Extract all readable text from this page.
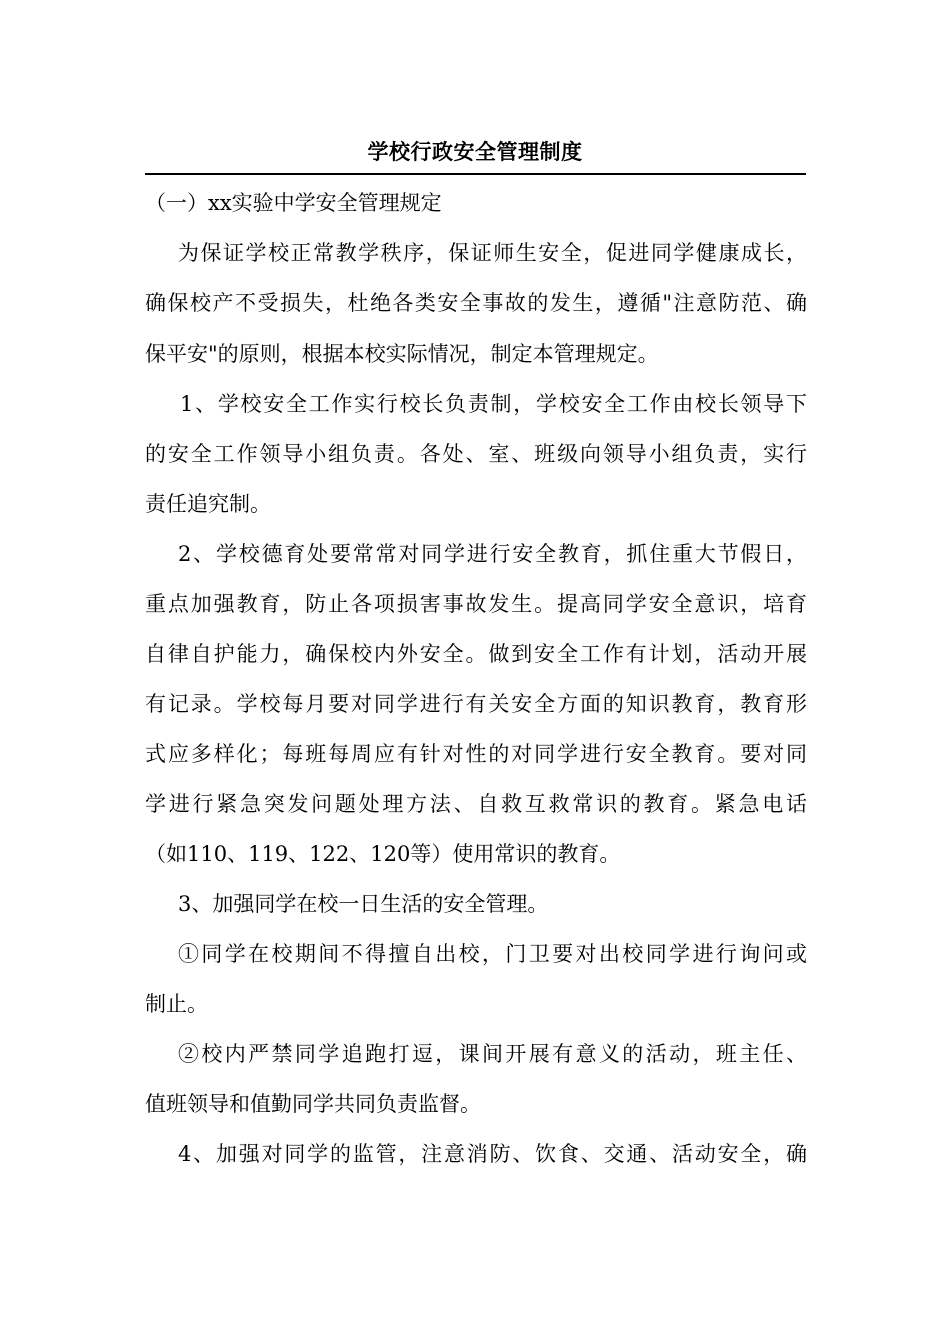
学校行政安全管理制度
（一）xx实验中学安全管理规定
为保证学校正常教学秩序，保证师生安全，促进同学健康成长，
确保校产不受损失，杜绝各类安全事故的发生，遵循"注意防范、确
保平安"的原则，根据本校实际情况，制定本管理规定。
1、学校安全工作实行校长负责制，学校安全工作由校长领导下
的安全工作领导小组负责。各处、室、班级向领导小组负责，实行
责任追究制。
2、学校德育处要常常对同学进行安全教育，抓住重大节假日，
重点加强教育，防止各项损害事故发生。提高同学安全意识，培育
自律自护能力，确保校内外安全。做到安全工作有计划，活动开展
有记录。学校每月要对同学进行有关安全方面的知识教育，教育形
式应多样化；每班每周应有针对性的对同学进行安全教育。要对同
学进行紧急突发问题处理方法、自救互救常识的教育。紧急电话
（如110、119、122、120等）使用常识的教育。
3、加强同学在校一日生活的安全管理。
①同学在校期间不得擅自出校，门卫要对出校同学进行询问或
制止。
②校内严禁同学追跑打逗，课间开展有意义的活动，班主任、
值班领导和值勤同学共同负责监督。
4、加强对同学的监管，注意消防、饮食、交通、活动安全，确
